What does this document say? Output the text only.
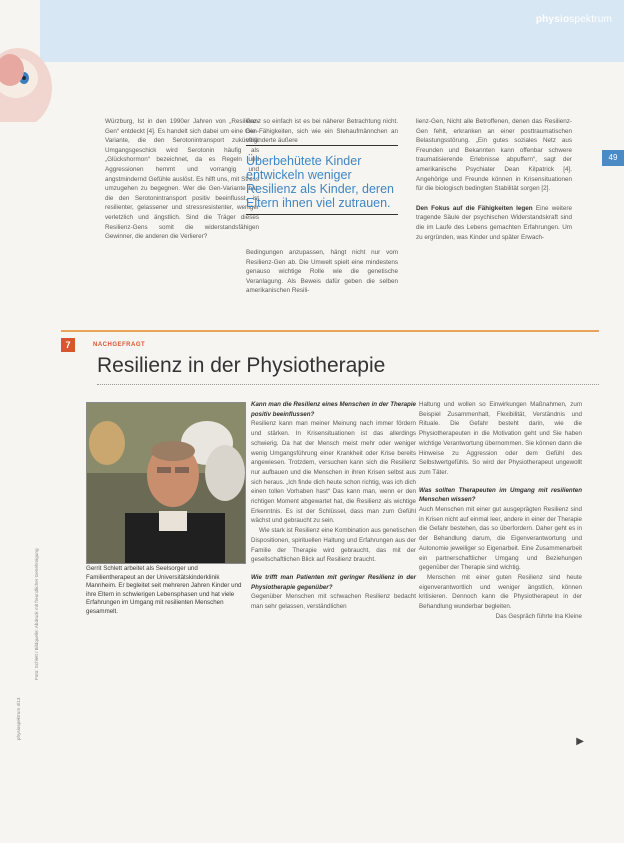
physiospektrum
49

Würzburg, Ist in den 1990er Jahren von „Resilienz-Gen“ entdeckt [4]. Es handelt sich dabei um eine Gen-Variante, die den Serotonintransport zukünftig: Umgangsgeschick wird Serotonin häufig als „Glückshormon“ bezeichnet, da es Regeln und Aggressionen hemmt und vorrangig und angstmindernd Gefühle auslöst. Es hilft uns, mit Stress umzugehen zu begegnen. Wer die Gen-Variante hat, die den Serotonintransport positiv beeinflusst, ist resilienter, gelassener und stressresistenter, weniger verletzlich und ängstlich. Sind die Träger dieses Resilienz-Gens somit die widerstandsfähigen Gewinner, die anderen die Verlierer?

Ganz so einfach ist es bei näherer Betrachtung nicht. Die Fähigkeiten, sich wie ein Stehaufmännchen an veränderte äußere

Überbehütete Kinder entwickeln weniger Resilienz als Kinder, deren Eltern ihnen viel zutrauen.

Bedingungen anzupassen, hängt nicht nur vom Resilienz-Gen ab. Die Umwelt spielt eine mindestens genauso wichtige Rolle wie die genetische Veranlagung. Als Beweis dafür geben die selben amerikanischen Resili-

lienz-Gen, Nicht alle Betroffenen, denen das Resilienz-Gen fehlt, erkranken an einer posttraumatischen Belastungsstörung. „Ein gutes soziales Netz aus Freunden und Bekannten kann offenbar schwere traumatisierende Erlebnisse abpuffern“, sagt der amerikanische Psychiater Dean Kilpatrick [4]. Angehörige und Freunde können in Krisensituationen für die biologisch bedingten Stabilität sorgen [2].

Den Fokus auf die Fähigkeiten legen Eine weitere tragende Säule der psychischen Widerstandskraft sind die im Laufe des Lebens gemachten Erfahrungen. Um zu ergründen, was Kinder und später Erwach-

7	NACHGEFRAGT
Resilienz in der Physiotherapie
Gerrit Schlett arbeitet als Seelsorger und Familientherapeut an der Universitätskinderklinik Mannheim. Er begleitet seit mehreren Jahren Kinder und ihre Eltern in schwierigen Lebensphasen und hat viele Erfahrungen im Umgang mit resilienten Menschen gesammelt.

Kann man die Resilienz eines Menschen in der Therapie positiv beeinflussen?

Resilienz kann man meiner Meinung nach immer fördern und stärken. In Krisensituationen ist das allerdings schwierig. Da hat der Mensch meist mehr oder weniger wenig Umgangsführung einer Krankheit oder Krise bereits angewiesen. Trotzdem, versuchen kann sich die Resilienz nur aufbauen und die Menschen in ihren Krisen selbst aus sich heraus. „Ich finde dich heute schon richtig, was ich dich einen tollen Vorhaben hast“ Das kann man, wenn er den richtigen Moment abgewartet hat, die Resilienz als wichtige Erkenntnis. Es ist der Schlüssel, dass man zum Gefühl wächst und gebraucht zu sein.

Wie stark ist Resilienz eine Kombination aus genetischen Dispositionen, spirituellen Haltung und Erfahrungen aus der Familie der Therapie wird gebraucht, das mit der gesellschaftlichen Blick auf Resilienz braucht.

Wie trifft man Patienten mit geringer Resilienz in der Physiotherapie gegenüber?

Gegenüber Menschen mit schwachen Resilienz bedacht man sehr gelassen, verständlichen

Haltung und wollen so Einwirkungen Maßnahmen, zum Beispiel Zusammenhalt, Flexibilität, Verständnis und Rituale. Die Gefahr besteht darin, wie die Physiotherapeuten in die Motivation geht und Sie haben wichtige Verantwortung übernommen. Sie können dann die Hinweise zu Aggression oder dem Gefühl des Selbstwertgefühls. So wird der Physiotherapeut ungewollt zum Täter.

Was sollten Therapeuten im Umgang mit resilienten Menschen wissen?

Auch Menschen mit einer gut ausgeprägten Resilienz sind in Krisen nicht auf einmal leer, andere in einer der Therapie die Gefahr bestehen, das so überfordern. Daher geht es in der Behandlung darum, die Eigenverantwortung und Autonomie jeweiliger so Eigenarbeit. Eine Zusammenarbeit ein partnerschaftlicher Umgang und Beziehungen gegenüber der Therapie sind wichtig.

Menschen mit einer guten Resilienz sind heute eigenverantwortlich und weniger ängstlich, können kritisieren. Dennoch kann die Physiotherapeut in der Behandlung wunderbar begleiten.

Das Gespräch führte Ina Kleine

physiospektrum 4/13
Foto: Schlett / Bildquelle: Abdruck mit freundlicher Genehmigung
▶
